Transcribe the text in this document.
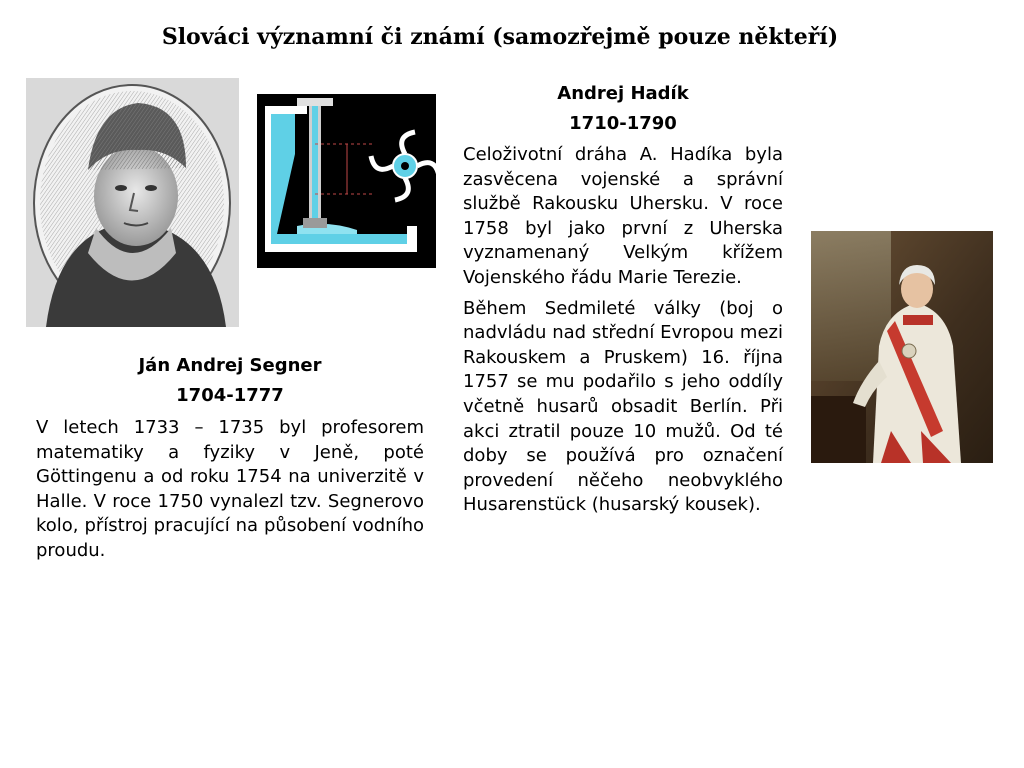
Slováci významní či známí (samozřejmě pouze někteří)
Ján Andrej Segner
1704-1777

V letech 1733 – 1735 byl profesorem matematiky a fyziky v Jeně, poté Göttingenu a od roku 1754 na univerzitě v Halle. V roce 1750 vynalezl tzv. Segnerovo kolo, přístroj pracující na působení vodního proudu.

Andrej Hadík
1710-1790

Celoživotní dráha A. Hadíka byla zasvěcena vojenské a správní službě Rakousku Uhersku. V roce 1758 byl jako první z Uherska vyznamenaný Velkým křížem Vojenského řádu Marie Terezie.

Během Sedmileté války (boj o nadvládu nad střední Evropou mezi Rakouskem a Pruskem) 16. října 1757 se mu podařilo s jeho oddíly včetně husarů obsadit Berlín. Při akci ztratil pouze 10 mužů. Od té doby se používá pro označení provedení něčeho neobvyklého Husarenstück (husarský kousek).
